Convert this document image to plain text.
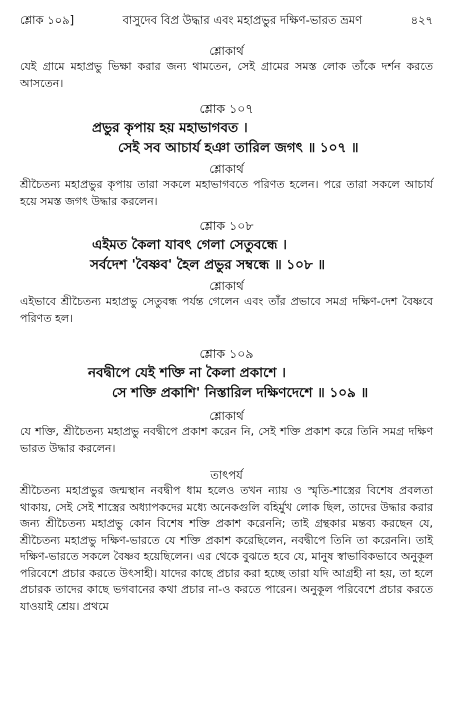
শ্লোক ১০৯]	বাসুদেব বিপ্র উদ্ধার এবং মহাপ্রভুর দক্ষিণ-ভারত ভ্রমণ	৪২৭

শ্লোকার্থ

যেই গ্রামে মহাপ্রভু ভিক্ষা করার জন্য থামতেন, সেই গ্রামের সমস্ত লোক তাঁকে দর্শন করতে আসতেন।

শ্লোক ১০৭

প্রভুর কৃপায় হয় মহাভাগবত ।

সেই সব আচার্য হঞা তারিল জগৎ ॥ ১০৭ ॥

শ্লোকার্থ

শ্রীচৈতন্য মহাপ্রভুর কৃপায় তারা সকলে মহাভাগবতে পরিণত হলেন। পরে তারা সকলে আচার্য হয়ে সমস্ত জগৎ উদ্ধার করলেন।

শ্লোক ১০৮

এইমত কৈলা যাবৎ গেলা সেতুবন্ধে ।

সর্বদেশ 'বৈষ্ণব' হৈল প্রভুর সম্বন্ধে ॥ ১০৮ ॥

শ্লোকার্থ

এইভাবে শ্রীচৈতন্য মহাপ্রভু সেতুবন্ধ পর্যন্ত গেলেন এবং তাঁর প্রভাবে সমগ্র দক্ষিণ-দেশ বৈষ্ণবে পরিণত হল।

শ্লোক ১০৯

নবদ্বীপে যেই শক্তি না কৈলা প্রকাশে ।

সে শক্তি প্রকাশি' নিস্তারিল দক্ষিণদেশে ॥ ১০৯ ॥

শ্লোকার্থ

যে শক্তি, শ্রীচৈতন্য মহাপ্রভু নবদ্বীপে প্রকাশ করেন নি, সেই শক্তি প্রকাশ করে তিনি সমগ্র দক্ষিণ ভারত উদ্ধার করলেন।

তাৎপর্য

শ্রীচৈতন্য মহাপ্রভুর জন্মস্থান নবদ্বীপ ধাম হলেও তখন ন্যায় ও স্মৃতি-শাস্ত্রের বিশেষ প্রবলতা থাকায়, সেই সেই শাস্ত্রের অধ্যাপকদের মধ্যে অনেকগুলি বহির্মুখ লোক ছিল, তাদের উদ্ধার করার জন্য শ্রীচৈতন্য মহাপ্রভু কোন বিশেষ শক্তি প্রকাশ করেননি; তাই গ্রন্থকার মন্তব্য করছেন যে, শ্রীচৈতন্য মহাপ্রভু দক্ষিণ-ভারতে যে শক্তি প্রকাশ করেছিলেন, নবদ্বীপে তিনি তা করেননি। তাই দক্ষিণ-ভারতে সকলে বৈষ্ণব হয়েছিলেন। এর থেকে বুঝতে হবে যে, মানুষ স্বাভাবিকভাবে অনুকূল পরিবেশে প্রচার করতে উৎসাহী। যাদের কাছে প্রচার করা হচ্ছে তারা যদি আগ্রহী না হয়, তা হলে প্রচারক তাদের কাছে ভগবানের কথা প্রচার না-ও করতে পারেন। অনুকূল পরিবেশে প্রচার করতে যাওয়াই শ্রেয়। প্রথমে
